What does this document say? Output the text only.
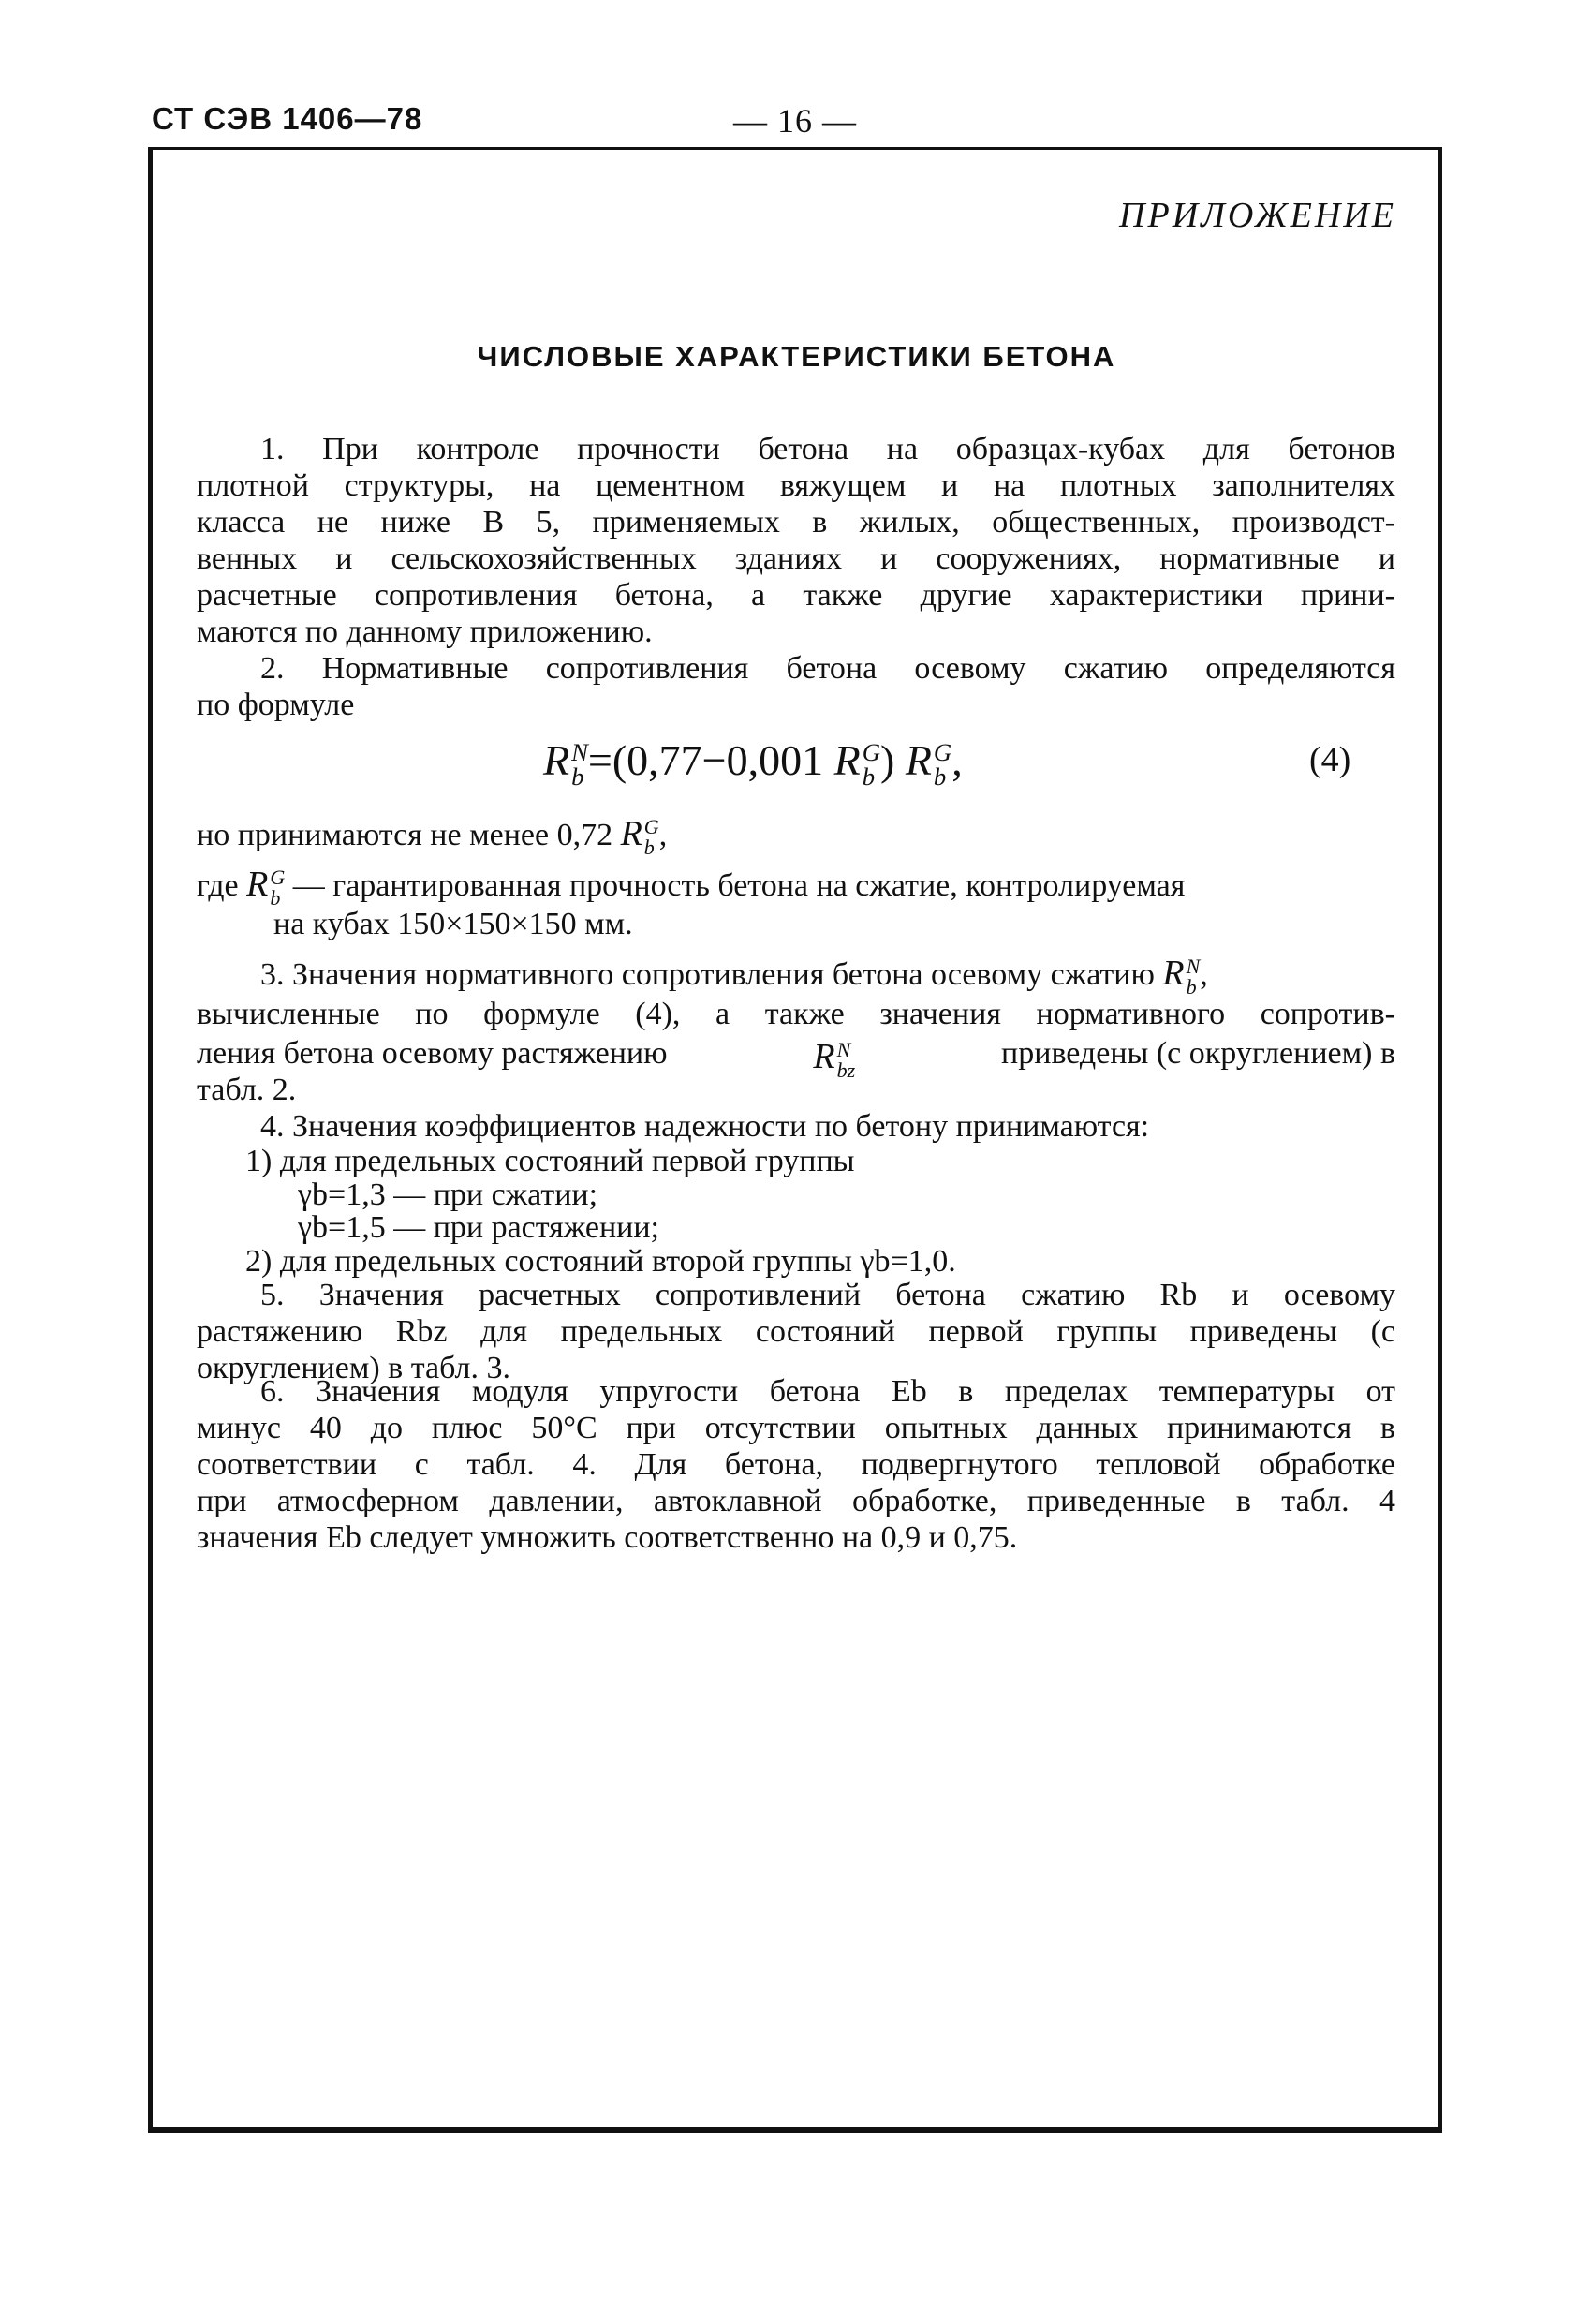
СТ СЭВ 1406—78	— 16 —
ПРИЛОЖЕНИЕ
ЧИСЛОВЫЕ ХАРАКТЕРИСТИКИ БЕТОНА

1. При контроле прочности бетона на образцах-кубах для бетонов
плотной структуры, на цементном вяжущем и на плотных заполнителях
класса не ниже В 5, применяемых в жилых, общественных, производст-
венных и сельскохозяйственных зданиях и сооружениях, нормативные и
расчетные сопротивления бетона, а также другие характеристики прини-
маются по данному приложению.

2. Нормативные сопротивления бетона осевому сжатию определяются
по формуле

R N
b =(0,77−0,001 R G
b ) R G
b ,	(4)
но принимаются не менее 0,72 R G
b ,
где R G
b — гарантированная прочность бетона на сжатие, контролируемая
на кубах 150×150×150 мм.
3. Значения нормативного сопротивления бетона осевому сжатию R N
b ,

вычисленные по формуле (4), а также значения нормативного сопротив-

ления бетона осевому растяжению	R N
bz	приведены (с округлением) в
табл. 2.
4. Значения коэффициентов надежности по бетону принимаются:
1) для предельных состояний первой группы
γb=1,3 — при сжатии;
γb=1,5 — при растяжении;
2) для предельных состояний второй группы γb=1,0.

5. Значения расчетных сопротивлений бетона сжатию Rb и осевому
растяжению Rbz для предельных состояний первой группы приведены (с
округлением) в табл. 3.

6. Значения модуля упругости бетона Eb в пределах температуры от
минус 40 до плюс 50°C при отсутствии опытных данных принимаются в
соответствии с табл. 4. Для бетона, подвергнутого тепловой обработке
при атмосферном давлении, автоклавной обработке, приведенные в табл. 4
значения Eb следует умножить соответственно на 0,9 и 0,75.
